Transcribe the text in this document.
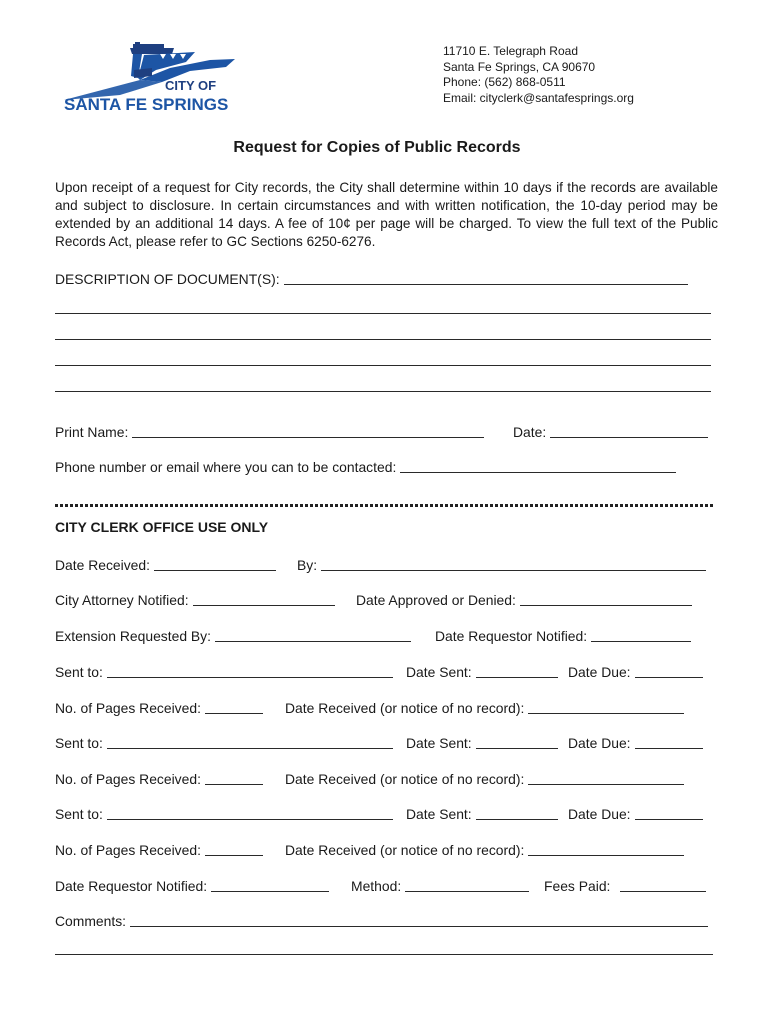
CITY OF
SANTA FE SPRINGS
11710 E. Telegraph Road
Santa Fe Springs, CA 90670
Phone: (562) 868-0511
Email: cityclerk@santafesprings.org
Request for Copies of Public Records
Upon receipt of a request for City records, the City shall determine within 10 days if the records are available and subject to disclosure. In certain circumstances and with written notification, the 10-day period may be extended by an additional 14 days. A fee of 10¢ per page will be charged. To view the full text of the Public Records Act, please refer to GC Sections 6250-6276.
DESCRIPTION OF DOCUMENT(S):
Print Name:	Date:
Phone number or email where you can to be contacted:
CITY CLERK OFFICE USE ONLY
Date Received:	By:
City Attorney Notified:	Date Approved or Denied:
Extension Requested By:	Date Requestor Notified:
Sent to:	Date Sent:	Date Due:
No. of Pages Received:	Date Received (or notice of no record):
Sent to:	Date Sent:	Date Due:
No. of Pages Received:	Date Received (or notice of no record):
Sent to:	Date Sent:	Date Due:
No. of Pages Received:	Date Received (or notice of no record):
Date Requestor Notified:	Method:	Fees Paid:
Comments:
